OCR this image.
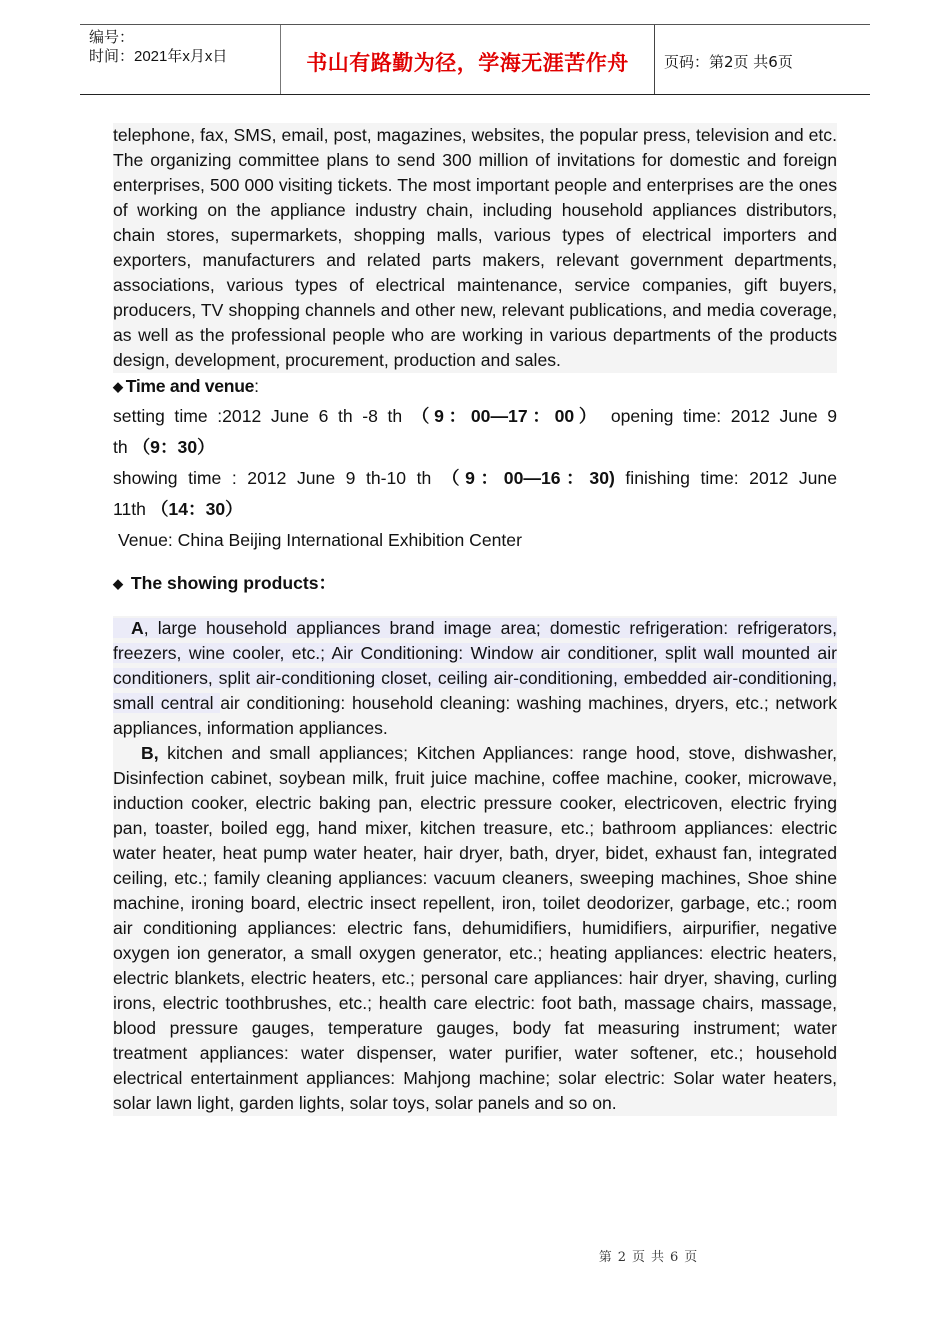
编号：
时间：2021年x月x日	书山有路勤为径，学海无涯苦作舟	页码：第2页 共6页

telephone, fax, SMS, email, post, magazines, websites, the popular press, television and etc. The organizing committee plans to send 300 million of invitations for domestic and foreign enterprises, 500 000 visiting tickets. The most important people and enterprises are the ones of working on the appliance industry chain, including household appliances distributors, chain stores, supermarkets, shopping malls, various types of electrical importers and exporters, manufacturers and related parts makers, relevant government departments, associations, various types of electrical maintenance, service companies, gift buyers, producers, TV shopping channels and other new, relevant publications, and media coverage, as well as the professional people who are working in various departments of the products design, development, procurement, production and sales.

◆ Time and venue:

setting time :2012 June 6 th -8 th （9：00—17：00） opening time: 2012 June 9

th （9：30）

showing time : 2012 June 9 th-10 th （9：00—16：30) finishing time: 2012 June

11th （14：30）

Venue: China Beijing International Exhibition Center

◆ The showing products：

A, large household appliances brand image area; domestic refrigeration: refrigerators, freezers, wine cooler, etc.; Air Conditioning: Window air conditioner, split wall mounted air conditioners, split air-conditioning closet, ceiling air-conditioning, embedded air-conditioning, small central air conditioning: household cleaning: washing machines, dryers, etc.; network appliances, information appliances.

B, kitchen and small appliances; Kitchen Appliances: range hood, stove, dishwasher, Disinfection cabinet, soybean milk, fruit juice machine, coffee machine, cooker, microwave, induction cooker, electric baking pan, electric pressure cooker, electricoven, electric frying pan, toaster, boiled egg, hand mixer, kitchen treasure, etc.; bathroom appliances: electric water heater, heat pump water heater, hair dryer, bath, dryer, bidet, exhaust fan, integrated ceiling, etc.; family cleaning appliances: vacuum cleaners, sweeping machines, Shoe shine machine, ironing board, electric insect repellent, iron, toilet deodorizer, garbage, etc.; room air conditioning appliances: electric fans, dehumidifiers, humidifiers, airpurifier, negative oxygen ion generator, a small oxygen generator, etc.; heating appliances: electric heaters, electric blankets, electric heaters, etc.; personal care appliances: hair dryer, shaving, curling irons, electric toothbrushes, etc.; health care electric: foot bath, massage chairs, massage, blood pressure gauges, temperature gauges, body fat measuring instrument; water treatment appliances: water dispenser, water purifier, water softener, etc.; household electrical entertainment appliances: Mahjong machine; solar electric: Solar water heaters, solar lawn light, garden lights, solar toys, solar panels and so on.

第 2 页 共 6 页
